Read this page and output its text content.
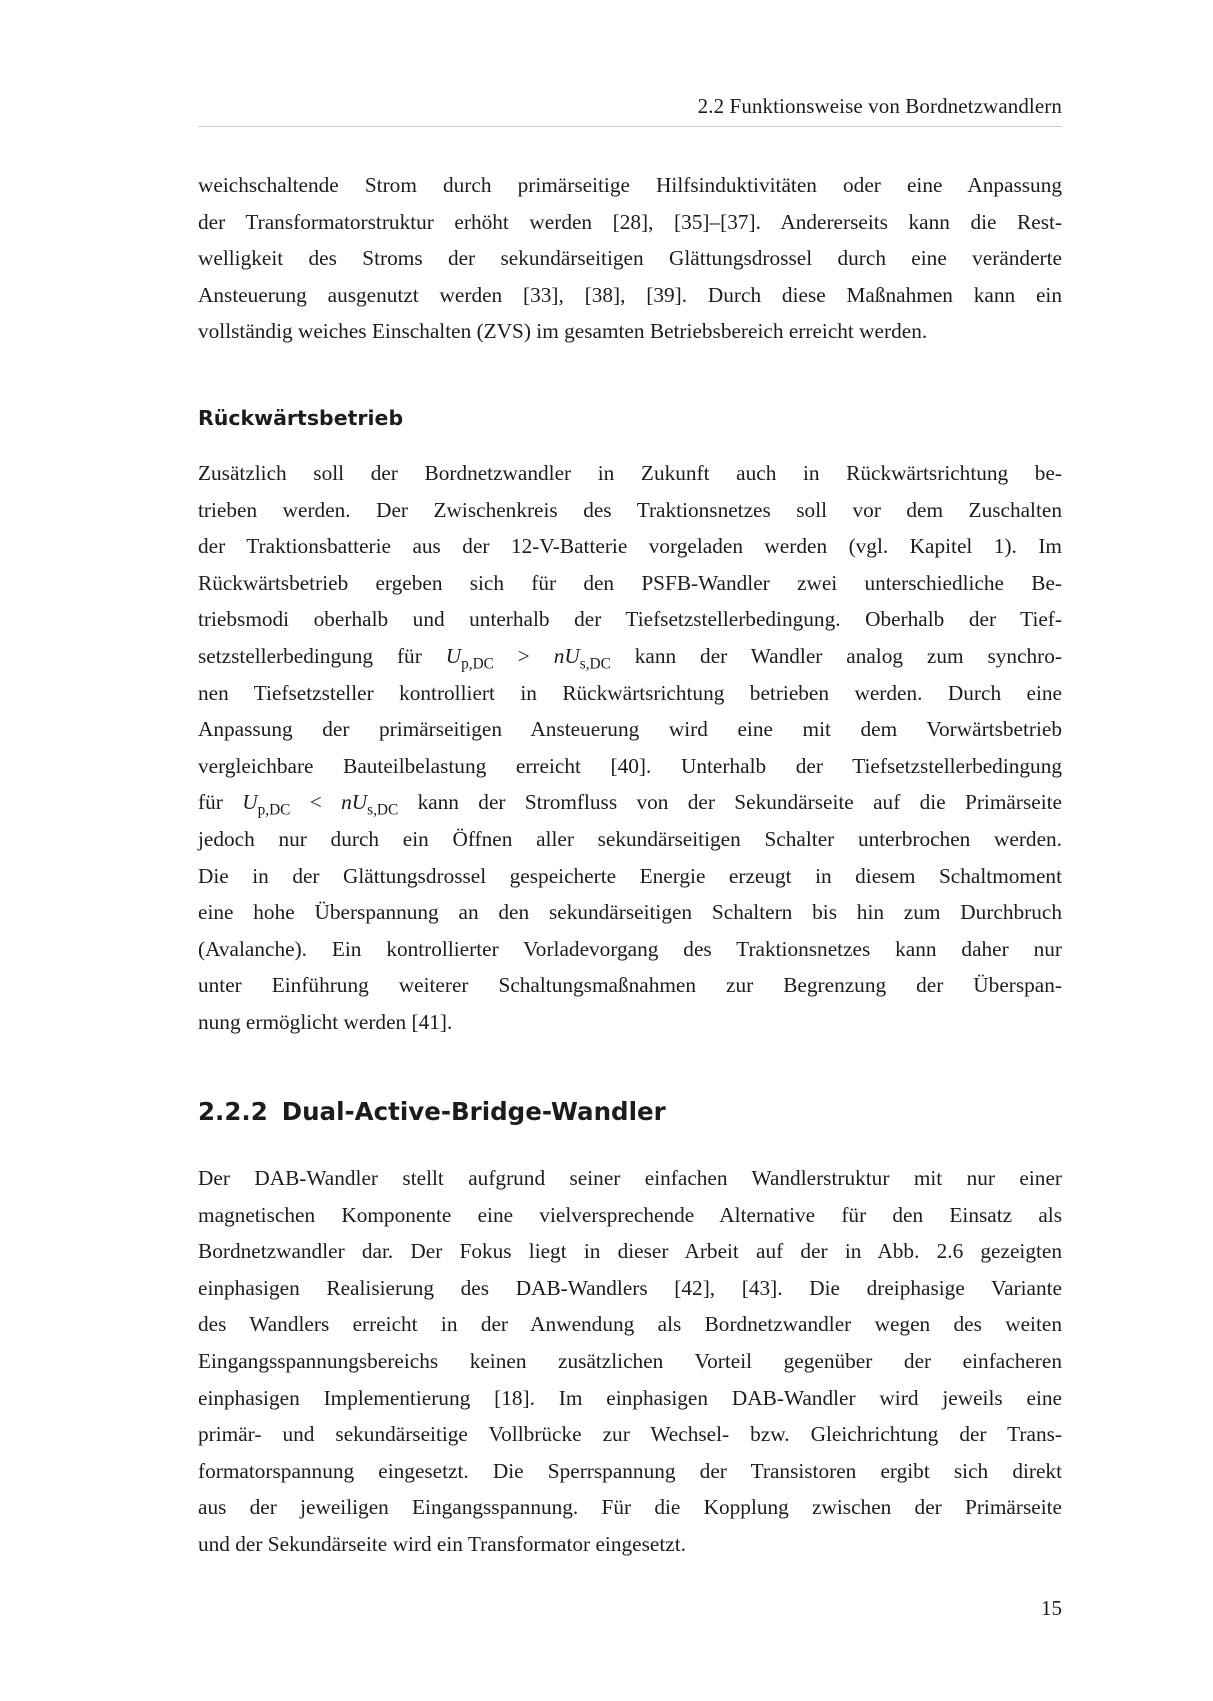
2.2 Funktionsweise von Bordnetzwandlern

weichschaltende Strom durch primärseitige Hilfsinduktivitäten oder eine Anpassung
der Transformatorstruktur erhöht werden [28], [35]–[37]. Andererseits kann die Rest-
welligkeit des Stroms der sekundärseitigen Glättungsdrossel durch eine veränderte
Ansteuerung ausgenutzt werden [33], [38], [39]. Durch diese Maßnahmen kann ein
vollständig weiches Einschalten (ZVS) im gesamten Betriebsbereich erreicht werden.

Rückwärtsbetrieb

Zusätzlich soll der Bordnetzwandler in Zukunft auch in Rückwärtsrichtung be-
trieben werden. Der Zwischenkreis des Traktionsnetzes soll vor dem Zuschalten
der Traktionsbatterie aus der 12-V-Batterie vorgeladen werden (vgl. Kapitel 1). Im
Rückwärtsbetrieb ergeben sich für den PSFB-Wandler zwei unterschiedliche Be-
triebsmodi oberhalb und unterhalb der Tiefsetzstellerbedingung. Oberhalb der Tief-
setzstellerbedingung für $U_{p,DC} > nU_{s,DC}$ kann der Wandler analog zum synchro-
nen Tiefsetzsteller kontrolliert in Rückwärtsrichtung betrieben werden. Durch eine
Anpassung der primärseitigen Ansteuerung wird eine mit dem Vorwärtsbetrieb
vergleichbare Bauteilbelastung erreicht [40]. Unterhalb der Tiefsetzstellerbedingung
für $U_{p,DC} < nU_{s,DC}$ kann der Stromfluss von der Sekundärseite auf die Primärseite
jedoch nur durch ein Öffnen aller sekundärseitigen Schalter unterbrochen werden.
Die in der Glättungsdrossel gespeicherte Energie erzeugt in diesem Schaltmoment
eine hohe Überspannung an den sekundärseitigen Schaltern bis hin zum Durchbruch
(Avalanche). Ein kontrollierter Vorladevorgang des Traktionsnetzes kann daher nur
unter Einführung weiterer Schaltungsmaßnahmen zur Begrenzung der Überspan-
nung ermöglicht werden [41].

2.2.2 Dual-Active-Bridge-Wandler

Der DAB-Wandler stellt aufgrund seiner einfachen Wandlerstruktur mit nur einer
magnetischen Komponente eine vielversprechende Alternative für den Einsatz als
Bordnetzwandler dar. Der Fokus liegt in dieser Arbeit auf der in Abb. 2.6 gezeigten
einphasigen Realisierung des DAB-Wandlers [42], [43]. Die dreiphasige Variante
des Wandlers erreicht in der Anwendung als Bordnetzwandler wegen des weiten
Eingangsspannungsbereichs keinen zusätzlichen Vorteil gegenüber der einfacheren
einphasigen Implementierung [18]. Im einphasigen DAB-Wandler wird jeweils eine
primär- und sekundärseitige Vollbrücke zur Wechsel- bzw. Gleichrichtung der Trans-
formatorspannung eingesetzt. Die Sperrspannung der Transistoren ergibt sich direkt
aus der jeweiligen Eingangsspannung. Für die Kopplung zwischen der Primärseite
und der Sekundärseite wird ein Transformator eingesetzt.

15
